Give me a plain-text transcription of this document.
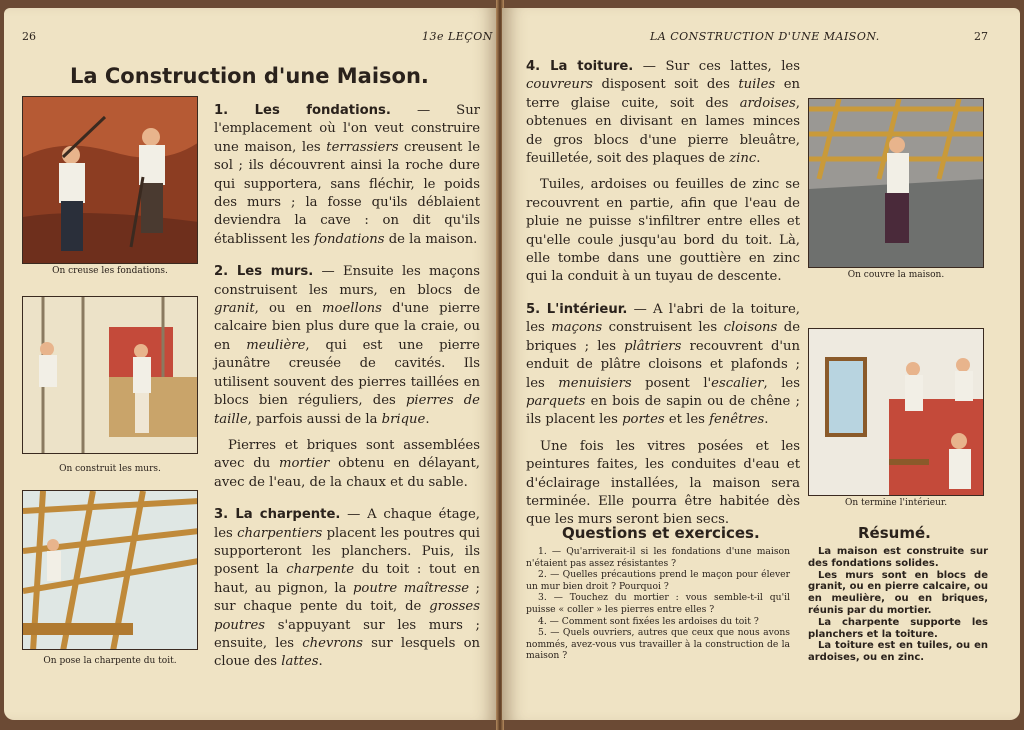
26	13e LEÇON
La Construction d'une Maison.
On creuse les fondations.
On construit les murs.
On pose la charpente du toit.

1. Les fondations. — Sur l'emplacement où l'on veut construire une maison, les terrassiers creusent le sol ; ils découvrent ainsi la roche dure qui supportera, sans fléchir, le poids des murs ; la fosse qu'ils déblaient deviendra la cave : on dit qu'ils établissent les fondations de la maison.

2. Les murs. — Ensuite les maçons construisent les murs, en blocs de granit, ou en moellons d'une pierre calcaire bien plus dure que la craie, ou en meulière, qui est une pierre jaunâtre creusée de cavités. Ils utilisent souvent des pierres taillées en blocs bien réguliers, des pierres de taille, parfois aussi de la brique.

Pierres et briques sont assemblées avec du mortier obtenu en délayant, avec de l'eau, de la chaux et du sable.

3. La charpente. — A chaque étage, les charpentiers placent les poutres qui supporteront les planchers. Puis, ils posent la charpente du toit : tout en haut, au pignon, la poutre maîtresse ; sur chaque pente du toit, de grosses poutres s'appuyant sur les murs ; ensuite, les chevrons sur lesquels on cloue des lattes.

LA CONSTRUCTION D'UNE MAISON.	27

4. La toiture. — Sur ces lattes, les couvreurs disposent soit des tuiles en terre glaise cuite, soit des ardoises, obtenues en divisant en lames minces de gros blocs d'une pierre bleuâtre, feuilletée, soit des plaques de zinc.

Tuiles, ardoises ou feuilles de zinc se recouvrent en partie, afin que l'eau de pluie ne puisse s'infiltrer entre elles et qu'elle coule jusqu'au bord du toit. Là, elle tombe dans une gouttière en zinc qui la conduit à un tuyau de descente.

5. L'intérieur. — A l'abri de la toiture, les maçons construisent les cloisons de briques ; les plâtriers recouvrent d'un enduit de plâtre cloisons et plafonds ; les menuisiers posent l'escalier, les parquets en bois de sapin ou de chêne ; ils placent les portes et les fenêtres.

Une fois les vitres posées et les peintures faites, les conduites d'eau et d'éclairage installées, la maison sera terminée. Elle pourra être habitée dès que les murs seront bien secs.

On couvre la maison.
On termine l'intérieur.
Questions et exercices.
1. — Qu'arriverait-il si les fondations d'une maison n'étaient pas assez résistantes ?
2. — Quelles précautions prend le maçon pour élever un mur bien droit ? Pourquoi ?
3. — Touchez du mortier : vous semble-t-il qu'il puisse « coller » les pierres entre elles ?
4. — Comment sont fixées les ardoises du toit ?
5. — Quels ouvriers, autres que ceux que nous avons nommés, avez-vous vus travailler à la construction de la maison ?
Résumé.
La maison est construite sur des fondations solides.
Les murs sont en blocs de granit, ou en pierre calcaire, ou en meulière, ou en briques, réunis par du mortier.
La charpente supporte les planchers et la toiture.
La toiture est en tuiles, ou en ardoises, ou en zinc.
